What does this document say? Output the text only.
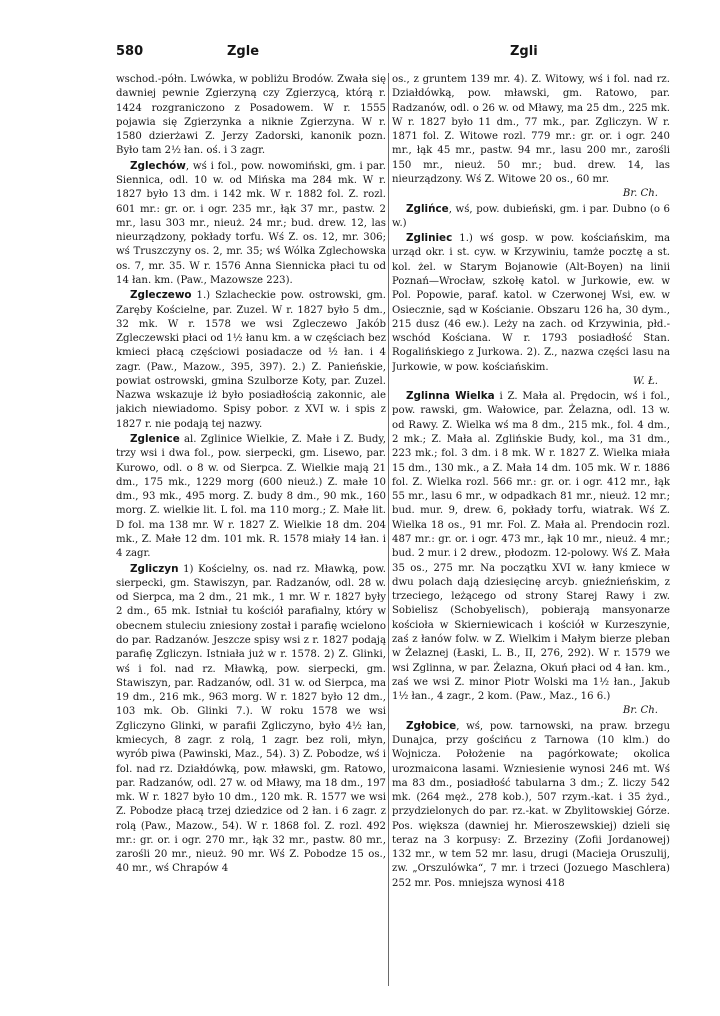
580	Zgle	Zgli

wschod.-półn. Lwówka, w pobliżu Brodów. Zwała się dawniej pewnie Zgierzyną czy Zgierzycą, którą r. 1424 rozgraniczono z Posadowem. W r. 1555 pojawia się Zgierzynka a niknie Zgierzyna. W r. 1580 dzierżawi Z. Jerzy Zadorski, kanonik pozn. Było tam 2½ łan. oś. i 3 zagr.

Zglechów, wś i fol., pow. nowomiński, gm. i par. Siennica, odl. 10 w. od Mińska ma 284 mk. W r. 1827 było 13 dm. i 142 mk. W r. 1882 fol. Z. rozl. 601 mr.: gr. or. i ogr. 235 mr., łąk 37 mr., pastw. 2 mr., lasu 303 mr., nieuż. 24 mr.; bud. drew. 12, las nieurządzony, pokłady torfu. Wś Z. os. 12, mr. 306; wś Truszczyny os. 2, mr. 35; wś Wólka Zglechowska os. 7, mr. 35. W r. 1576 Anna Siennicka płaci tu od 14 łan. km. (Paw., Mazowsze 223).

Zgleczewo 1.) Szlacheckie pow. ostrowski, gm. Zaręby Kościelne, par. Zuzel. W r. 1827 było 5 dm., 32 mk. W r. 1578 we wsi Zgleczewo Jakób Zgleczewski płaci od 1½ łanu km. a w częściach bez kmieci płacą częściowi posiadacze od ½ łan. i 4 zagr. (Paw., Mazow., 395, 397). 2.) Z. Panieńskie, powiat ostrowski, gmina Szulborze Koty, par. Zuzel. Nazwa wskazuje iż było posiadłością zakonnic, ale jakich niewiadomo. Spisy pobor. z XVI w. i spis z 1827 r. nie podają tej nazwy.

Zglenice al. Zglinice Wielkie, Z. Małe i Z. Budy, trzy wsi i dwa fol., pow. sierpecki, gm. Lisewo, par. Kurowo, odl. o 8 w. od Sierpca. Z. Wielkie mają 21 dm., 175 mk., 1229 morg (600 nieuż.) Z. małe 10 dm., 93 mk., 495 morg. Z. budy 8 dm., 90 mk., 160 morg. Z. wielkie lit. L fol. ma 110 morg.; Z. Małe lit. D fol. ma 138 mr. W r. 1827 Z. Wielkie 18 dm. 204 mk., Z. Małe 12 dm. 101 mk. R. 1578 miały 14 łan. i 4 zagr.

Zgliczyn 1) Kościelny, os. nad rz. Mławką, pow. sierpecki, gm. Stawiszyn, par. Radzanów, odl. 28 w. od Sierpca, ma 2 dm., 21 mk., 1 mr. W r. 1827 były 2 dm., 65 mk. Istniał tu kościół parafialny, który w obecnem stuleciu zniesiony został i parafię wcielono do par. Radzanów. Jeszcze spisy wsi z r. 1827 podają parafię Zgliczyn. Istniała już w r. 1578. 2) Z. Glinki, wś i fol. nad rz. Mławką, pow. sierpecki, gm. Stawiszyn, par. Radzanów, odl. 31 w. od Sierpca, ma 19 dm., 216 mk., 963 morg. W r. 1827 było 12 dm., 103 mk. Ob. Glinki 7.). W roku 1578 we wsi Zgliczyno Glinki, w parafii Zgliczyno, było 4½ łan, kmiecych, 8 zagr. z rolą, 1 zagr. bez roli, młyn, wyrób piwa (Pawinski, Maz., 54). 3) Z. Pobodze, wś i fol. nad rz. Działdówką, pow. mławski, gm. Ratowo, par. Radzanów, odl. 27 w. od Mławy, ma 18 dm., 197 mk. W r. 1827 było 10 dm., 120 mk. R. 1577 we wsi Z. Pobodze płacą trzej dziedzice od 2 łan. i 6 zagr. z rolą (Paw., Mazow., 54). W r. 1868 fol. Z. rozl. 492 mr.: gr. or. i ogr. 270 mr., łąk 32 mr., pastw. 80 mr., zarośli 20 mr., nieuż. 90 mr. Wś Z. Pobodze 15 os., 40 mr., wś Chrapów 4

os., z gruntem 139 mr. 4). Z. Witowy, wś i fol. nad rz. Działdówką, pow. mławski, gm. Ratowo, par. Radzanów, odl. o 26 w. od Mławy, ma 25 dm., 225 mk. W r. 1827 było 11 dm., 77 mk., par. Zgliczyn. W r. 1871 fol. Z. Witowe rozl. 779 mr.: gr. or. i ogr. 240 mr., łąk 45 mr., pastw. 94 mr., lasu 200 mr., zarośli 150 mr., nieuż. 50 mr.; bud. drew. 14, las nieurządzony. Wś Z. Witowe 20 os., 60 mr.
Br. Ch.

Zglińce, wś, pow. dubieński, gm. i par. Dubno (o 6 w.)

Zgliniec 1.) wś gosp. w pow. kościańskim, ma urząd okr. i st. cyw. w Krzywiniu, tamże pocztę a st. kol. żel. w Starym Bojanowie (Alt-Boyen) na linii Poznań—Wrocław, szkołę katol. w Jurkowie, ew. w Pol. Popowie, paraf. katol. w Czerwonej Wsi, ew. w Osiecznie, sąd w Kościanie. Obszaru 126 ha, 30 dym., 215 dusz (46 ew.). Leży na zach. od Krzywinia, płd.-wschód Kościana. W r. 1793 posiadłość Stan. Rogalińskiego z Jurkowa. 2). Z., nazwa części lasu na Jurkowie, w pow. kościańskim.
W. Ł.

Zglinna Wielka i Z. Mała al. Prędocin, wś i fol., pow. rawski, gm. Wałowice, par. Żelazna, odl. 13 w. od Rawy. Z. Wielka wś ma 8 dm., 215 mk., fol. 4 dm., 2 mk.; Z. Mała al. Zglińskie Budy, kol., ma 31 dm., 223 mk.; fol. 3 dm. i 8 mk. W r. 1827 Z. Wielka miała 15 dm., 130 mk., a Z. Mała 14 dm. 105 mk. W r. 1886 fol. Z. Wielka rozl. 566 mr.: gr. or. i ogr. 412 mr., łąk 55 mr., lasu 6 mr., w odpadkach 81 mr., nieuż. 12 mr.; bud. mur. 9, drew. 6, pokłady torfu, wiatrak. Wś Z. Wielka 18 os., 91 mr. Fol. Z. Mała al. Prendocin rozl. 487 mr.: gr. or. i ogr. 473 mr., łąk 10 mr., nieuż. 4 mr.; bud. 2 mur. i 2 drew., płodozm. 12-polowy. Wś Z. Mała 35 os., 275 mr. Na początku XVI w. łany kmiece w dwu polach dają dziesięcinę arcyb. gnieźnieńskim, z trzeciego, leżącego od strony Starej Rawy i zw. Sobielisz (Schobyelisch), pobierają mansyonarze kościoła w Skierniewicach i kościół w Kurzeszynie, zaś z łanów folw. w Z. Wielkim i Małym bierze pleban w Żelaznej (Łaski, L. B., II, 276, 292). W r. 1579 we wsi Zglinna, w par. Żelazna, Okuń płaci od 4 łan. km., zaś we wsi Z. minor Piotr Wolski ma 1½ łan., Jakub 1½ łan., 4 zagr., 2 kom. (Paw., Maz., 16 6.)
Br. Ch.

Zgłobice, wś, pow. tarnowski, na praw. brzegu Dunajca, przy gościńcu z Tarnowa (10 klm.) do Wojnicza. Położenie na pagórkowate; okolica urozmaicona lasami. Wzniesienie wynosi 246 mt. Wś ma 83 dm., posiadłość tabularna 3 dm.; Z. liczy 542 mk. (264 męż., 278 kob.), 507 rzym.-kat. i 35 żyd., przydzielonych do par. rz.-kat. w Zbylitowskiej Górze. Pos. większa (dawniej hr. Mieroszewskiej) dzieli się teraz na 3 korpusy: Z. Brzeziny (Zofii Jordanowej) 132 mr., w tem 52 mr. lasu, drugi (Macieja Oruszulij, zw. „Orszulówka“, 7 mr. i trzeci (Jozuego Maschlera) 252 mr. Pos. mniejsza wynosi 418
